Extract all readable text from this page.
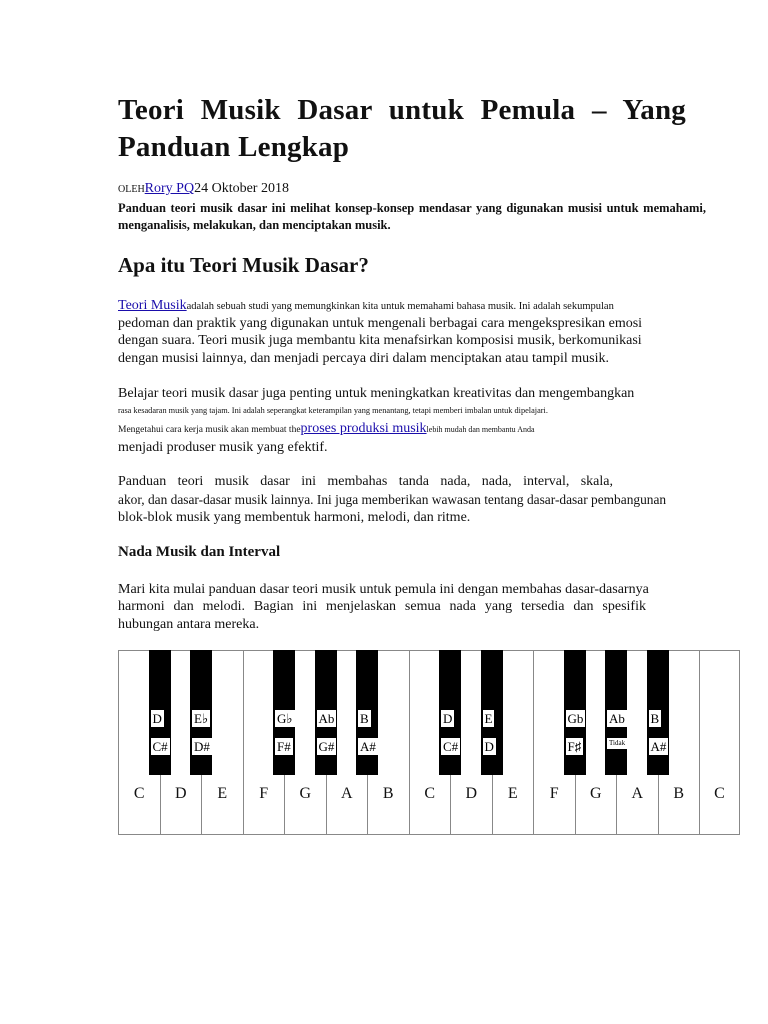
Teori Musik Dasar untuk Pemula – Yang Panduan Lengkap
OLEHRory PQ24 Oktober 2018

Panduan teori musik dasar ini melihat konsep-konsep mendasar yang digunakan musisi untuk memahami, menganalisis, melakukan, dan menciptakan musik.

Apa itu Teori Musik Dasar?

Teori Musikadalah sebuah studi yang memungkinkan kita untuk memahami bahasa musik. Ini adalah sekumpulan

pedoman dan praktik yang digunakan untuk mengenali berbagai cara mengekspresikan emosi

dengan suara. Teori musik juga membantu kita menafsirkan komposisi musik, berkomunikasi

dengan musisi lainnya, dan menjadi percaya diri dalam menciptakan atau tampil musik.

Belajar teori musik dasar juga penting untuk meningkatkan kreativitas dan mengembangkan

rasa kesadaran musik yang tajam. Ini adalah seperangkat keterampilan yang menantang, tetapi memberi imbalan untuk dipelajari.

Mengetahui cara kerja musik akan membuat theproses produksi musiklebih mudah dan membantu Anda

menjadi produser musik yang efektif.

Panduan teori musik dasar ini membahas tanda nada, nada, interval, skala,

akor, dan dasar-dasar musik lainnya. Ini juga memberikan wawasan tentang dasar-dasar pembangunan

blok-blok musik yang membentuk harmoni, melodi, dan ritme.

Nada Musik dan Interval

Mari kita mulai panduan dasar teori musik untuk pemula ini dengan membahas dasar-dasarnya

harmoni dan melodi. Bagian ini menjelaskan semua nada yang tersedia dan spesifik

hubungan antara mereka.

C	D	E	F	G	A	B	C	D	E	F	G	A	B	C
D
C#
E♭
D#
G♭
F#
Ab
G#
B
A#
D
C#
E
D
Gb
F♯
Ab
Tidak
B
A#
